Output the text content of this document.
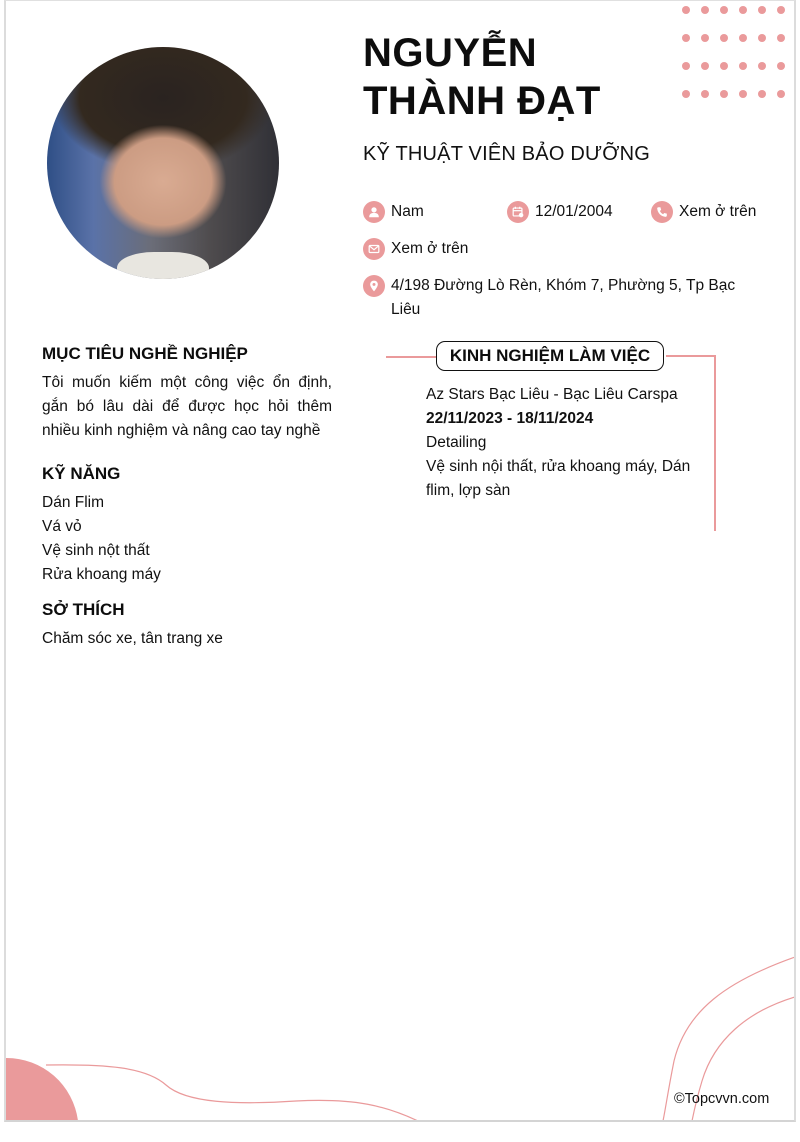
NGUYỄN
THÀNH ĐẠT
KỸ THUẬT VIÊN BẢO DƯỠNG
Nam	12/01/2004	Xem ở trên
Xem ở trên
4/198 Đường Lò Rèn, Khóm 7, Phường 5, Tp Bạc Liêu
MỤC TIÊU NGHỀ NGHIỆP
Tôi muốn kiếm một công việc ổn định, gắn bó lâu dài để được học hỏi thêm nhiều kinh nghiệm và nâng cao tay nghề
KỸ NĂNG
Dán Flim
Vá vỏ
Vệ sinh nột thất
Rửa khoang máy
SỞ THÍCH
Chăm sóc xe, tân trang xe
KINH NGHIỆM LÀM VIỆC
Az Stars Bạc Liêu - Bạc Liêu Carspa
22/11/2023 - 18/11/2024
Detailing
Vệ sinh nội thất, rửa khoang máy, Dán
flim, lợp sàn
©Topcvvn.com
